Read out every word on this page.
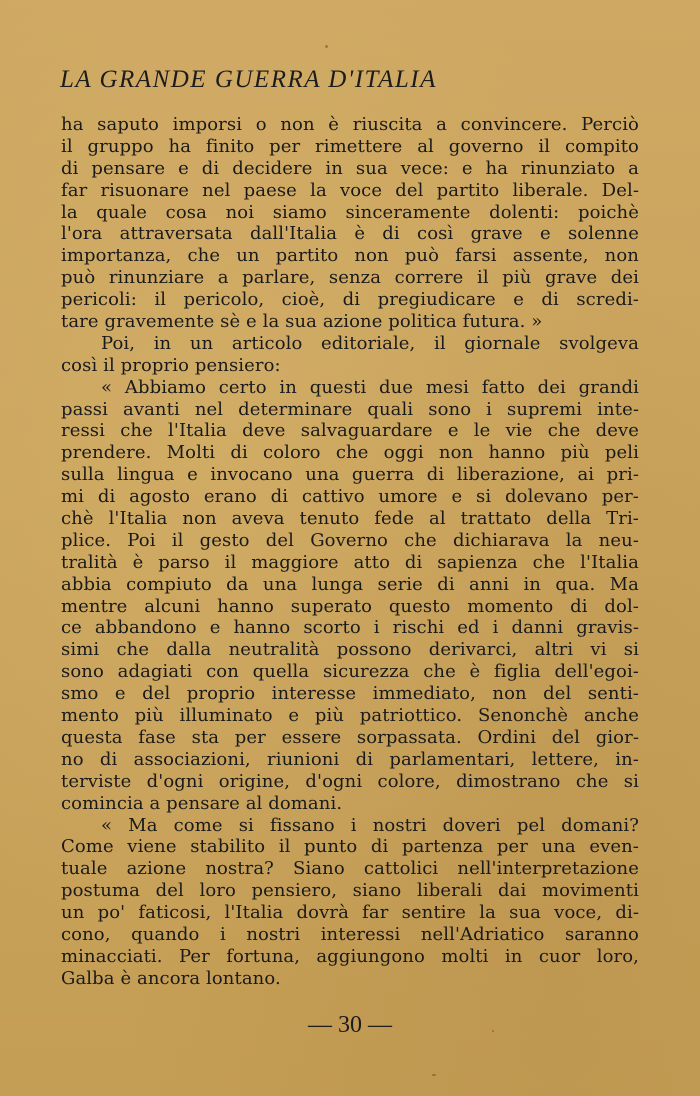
LA GRANDE GUERRA D'ITALIA
ha saputo imporsi o non è riuscita a convincere. Perciò
il gruppo ha finito per rimettere al governo il compito
di pensare e di decidere in sua vece: e ha rinunziato a
far risuonare nel paese la voce del partito liberale. Del-
la quale cosa noi siamo sinceramente dolenti: poichè
l'ora attraversata dall'Italia è di così grave e solenne
importanza, che un partito non può farsi assente, non
può rinunziare a parlare, senza correre il più grave dei
pericoli: il pericolo, cioè, di pregiudicare e di scredi-
tare gravemente sè e la sua azione politica futura. »
Poi, in un articolo editoriale, il giornale svolgeva
così il proprio pensiero:
« Abbiamo certo in questi due mesi fatto dei grandi
passi avanti nel determinare quali sono i supremi inte-
ressi che l'Italia deve salvaguardare e le vie che deve
prendere. Molti di coloro che oggi non hanno più peli
sulla lingua e invocano una guerra di liberazione, ai pri-
mi di agosto erano di cattivo umore e si dolevano per-
chè l'Italia non aveva tenuto fede al trattato della Tri-
plice. Poi il gesto del Governo che dichiarava la neu-
tralità è parso il maggiore atto di sapienza che l'Italia
abbia compiuto da una lunga serie di anni in qua. Ma
mentre alcuni hanno superato questo momento di dol-
ce abbandono e hanno scorto i rischi ed i danni gravis-
simi che dalla neutralità possono derivarci, altri vi si
sono adagiati con quella sicurezza che è figlia dell'egoi-
smo e del proprio interesse immediato, non del senti-
mento più illuminato e più patriottico. Senonchè anche
questa fase sta per essere sorpassata. Ordini del gior-
no di associazioni, riunioni di parlamentari, lettere, in-
terviste d'ogni origine, d'ogni colore, dimostrano che si
comincia a pensare al domani.
« Ma come si fissano i nostri doveri pel domani?
Come viene stabilito il punto di partenza per una even-
tuale azione nostra? Siano cattolici nell'interpretazione
postuma del loro pensiero, siano liberali dai movimenti
un po' faticosi, l'Italia dovrà far sentire la sua voce, di-
cono, quando i nostri interessi nell'Adriatico saranno
minacciati. Per fortuna, aggiungono molti in cuor loro,
Galba è ancora lontano.
— 30 —
